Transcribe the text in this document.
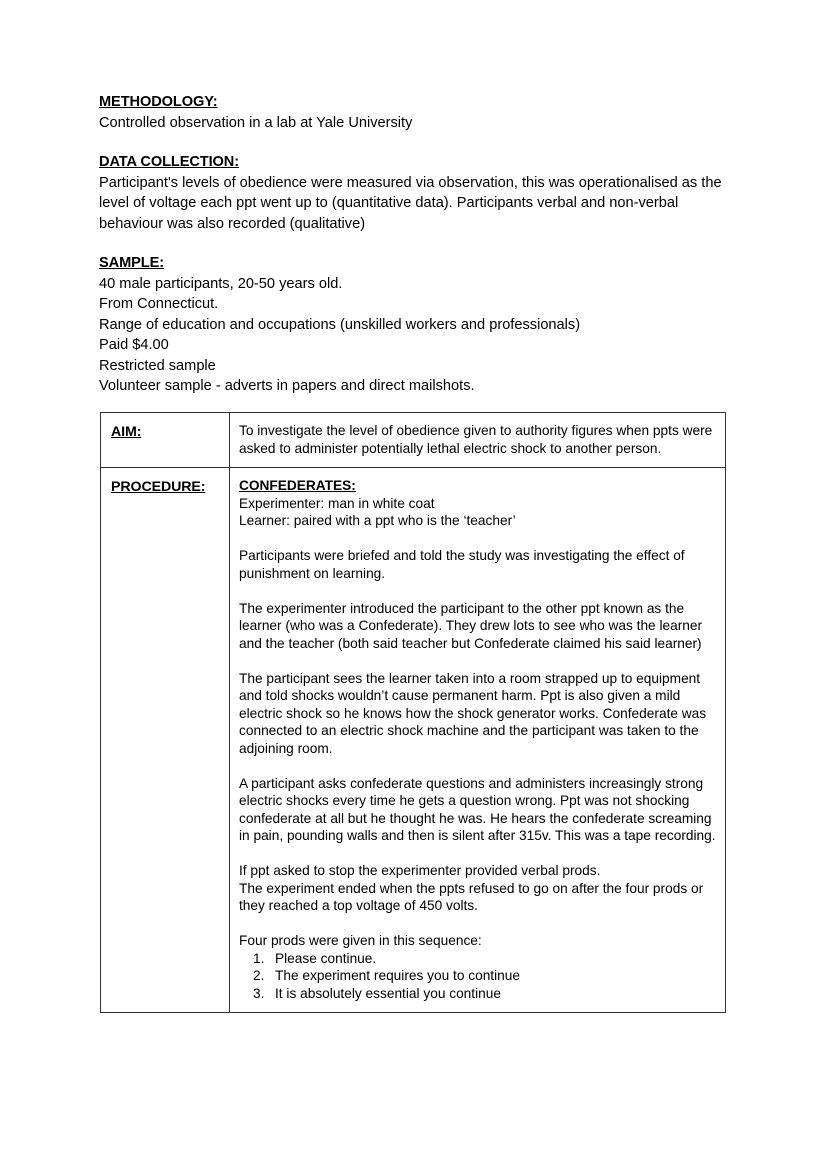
METHODOLOGY:
Controlled observation in a lab at Yale University
DATA COLLECTION:
Participant's levels of obedience were measured via observation, this was operationalised as the level of voltage each ppt went up to (quantitative data). Participants verbal and non-verbal behaviour was also recorded (qualitative)
SAMPLE:
40 male participants, 20-50 years old.
From Connecticut.
Range of education and occupations (unskilled workers and professionals)
Paid $4.00
Restricted sample
Volunteer sample - adverts in papers and direct mailshots.
AIM:	To investigate the level of obedience given to authority figures when ppts were asked to administer potentially lethal electric shock to another person.

PROCEDURE:	CONFEDERATES:

Experimenter: man in white coat

Learner: paired with a ppt who is the ‘teacher’

Participants were briefed and told the study was investigating the effect of punishment on learning.

The experimenter introduced the participant to the other ppt known as the learner (who was a Confederate). They drew lots to see who was the learner and the teacher (both said teacher but Confederate claimed his said learner)

The participant sees the learner taken into a room strapped up to equipment and told shocks wouldn’t cause permanent harm. Ppt is also given a mild electric shock so he knows how the shock generator works. Confederate was connected to an electric shock machine and the participant was taken to the adjoining room.

A participant asks confederate questions and administers increasingly strong electric shocks every time he gets a question wrong. Ppt was not shocking confederate at all but he thought he was. He hears the confederate screaming in pain, pounding walls and then is silent after 315v. This was a tape recording.

If ppt asked to stop the experimenter provided verbal prods.

The experiment ended when the ppts refused to go on after the four prods or they reached a top voltage of 450 volts.

Four prods were given in this sequence:

1. Please continue.
2. The experiment requires you to continue
3. It is absolutely essential you continue
